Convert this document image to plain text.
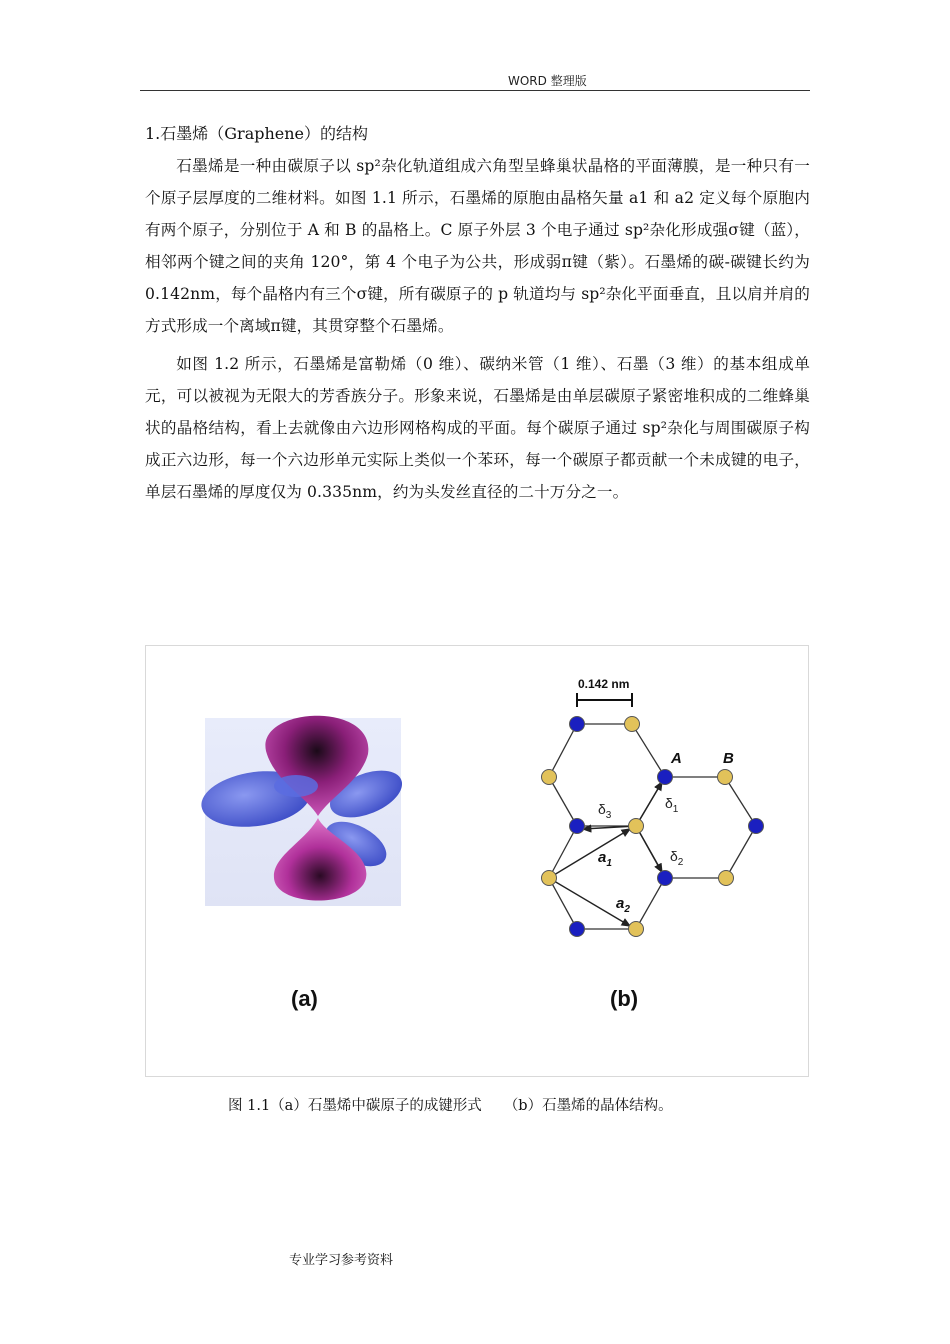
WORD 整理版
1.石墨烯（Graphene）的结构

石墨烯是一种由碳原子以 sp²杂化轨道组成六角型呈蜂巢状晶格的平面薄膜，是一种只有一个原子层厚度的二维材料。如图 1.1 所示，石墨烯的原胞由晶格矢量 a1 和 a2 定义每个原胞内有两个原子，分别位于 A 和 B 的晶格上。C 原子外层 3 个电子通过 sp²杂化形成强σ键（蓝），相邻两个键之间的夹角 120°，第 4 个电子为公共，形成弱π键（紫）。石墨烯的碳-碳键长约为 0.142nm，每个晶格内有三个σ键，所有碳原子的 p 轨道均与 sp²杂化平面垂直，且以肩并肩的方式形成一个离域π键，其贯穿整个石墨烯。

如图 1.2 所示，石墨烯是富勒烯（0 维）、碳纳米管（1 维）、石墨（3 维）的基本组成单元，可以被视为无限大的芳香族分子。形象来说，石墨烯是由单层碳原子紧密堆积成的二维蜂巢状的晶格结构，看上去就像由六边形网格构成的平面。每个碳原子通过 sp²杂化与周围碳原子构成正六边形，每一个六边形单元实际上类似一个苯环，每一个碳原子都贡献一个未成键的电子，单层石墨烯的厚度仅为 0.335nm，约为头发丝直径的二十万分之一。

0.142 nm
A	B
$\delta_1$
$\delta_2$
$\delta_3$
$a_1$
$a_2$
(a)	(b)
图 1.1（a）石墨烯中碳原子的成键形式 （b）石墨烯的晶体结构。
专业学习参考资料
